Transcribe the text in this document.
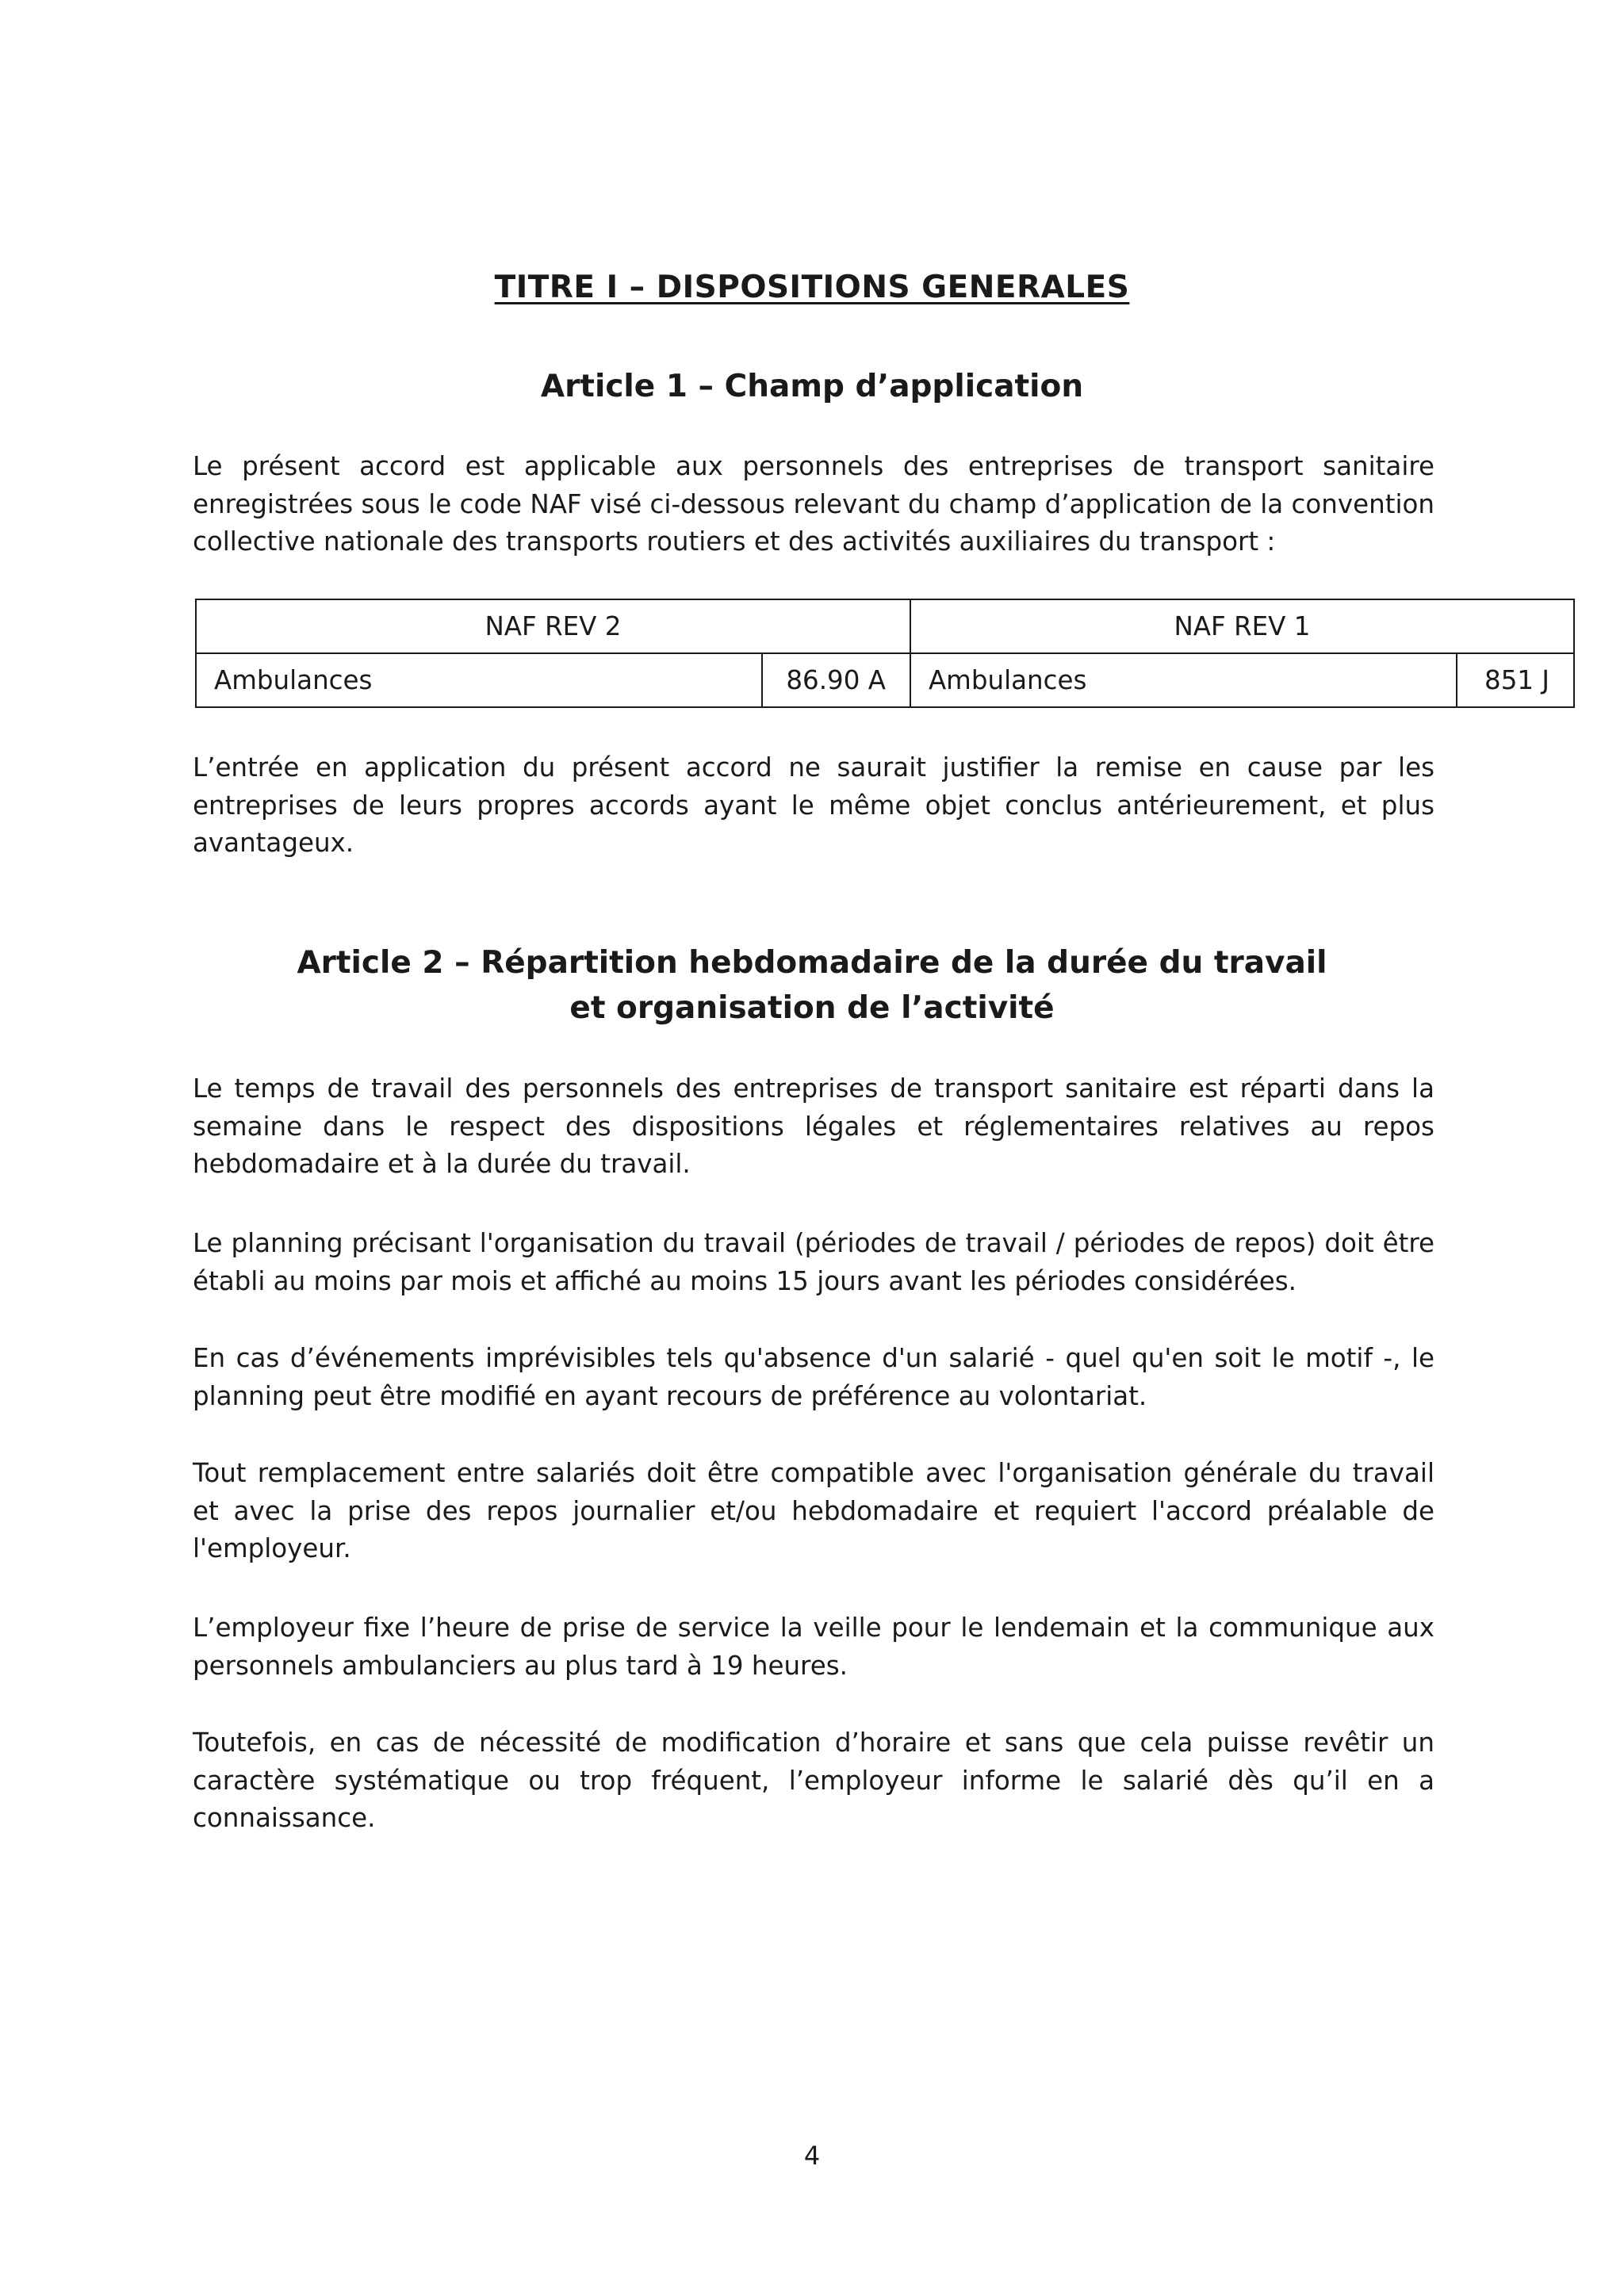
TITRE I – DISPOSITIONS GENERALES
Article 1 – Champ d’application

Le présent accord est applicable aux personnels des entreprises de transport sanitaire enregistrées sous le code NAF visé ci-dessous relevant du champ d’application de la convention collective nationale des transports routiers et des activités auxiliaires du transport :

NAF REV 2		NAF REV 1	
Ambulances	86.90 A	Ambulances	851 J

L’entrée en application du présent accord ne saurait justifier la remise en cause par les entreprises de leurs propres accords ayant le même objet conclus antérieurement, et plus avantageux.

Article 2 – Répartition hebdomadaire de la durée du travail
et organisation de l’activité

Le temps de travail des personnels des entreprises de transport sanitaire est réparti dans la semaine dans le respect des dispositions légales et réglementaires relatives au repos hebdomadaire et à la durée du travail.

Le planning précisant l'organisation du travail (périodes de travail / périodes de repos) doit être établi au moins par mois et affiché au moins 15 jours avant les périodes considérées.

En cas d’événements imprévisibles tels qu'absence d'un salarié - quel qu'en soit le motif -, le planning peut être modifié en ayant recours de préférence au volontariat.

Tout remplacement entre salariés doit être compatible avec l'organisation générale du travail et avec la prise des repos journalier et/ou hebdomadaire et requiert l'accord préalable de l'employeur.

L’employeur fixe l’heure de prise de service la veille pour le lendemain et la communique aux personnels ambulanciers au plus tard à 19 heures.

Toutefois, en cas de nécessité de modification d’horaire et sans que cela puisse revêtir un caractère systématique ou trop fréquent, l’employeur informe le salarié dès qu’il en a connaissance.

4
